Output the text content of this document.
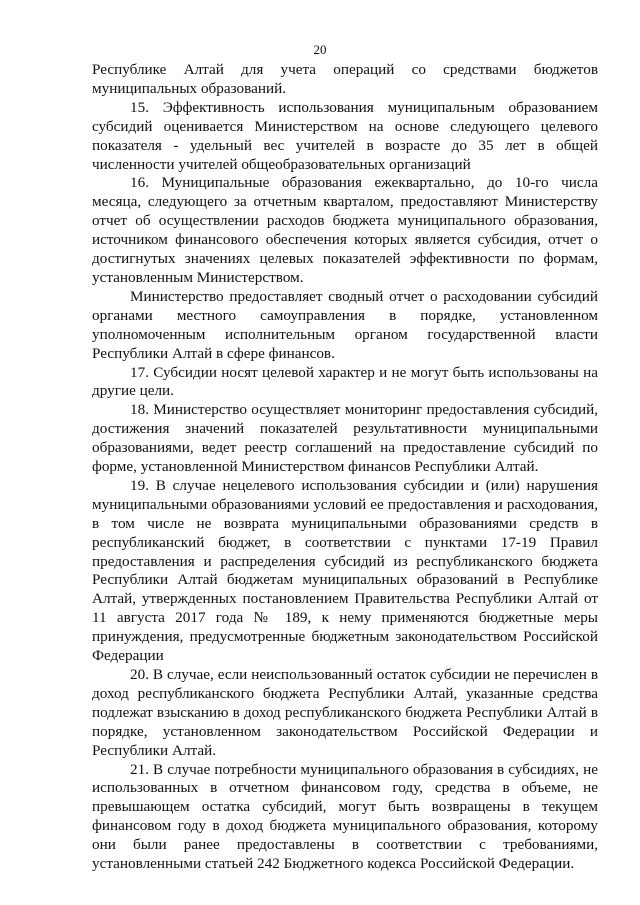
20

Республике Алтай для учета операций со средствами бюджетов муниципальных образований.

15. Эффективность использования муниципальным образованием субсидий оценивается Министерством на основе следующего целевого показателя - удельный вес учителей в возрасте до 35 лет в общей численности учителей общеобразовательных организаций

16. Муниципальные образования ежеквартально, до 10-го числа месяца, следующего за отчетным кварталом, предоставляют Министерству отчет об осуществлении расходов бюджета муниципального образования, источником финансового обеспечения которых является субсидия, отчет о достигнутых значениях целевых показателей эффективности по формам, установленным Министерством.

Министерство предоставляет сводный отчет о расходовании субсидий органами местного самоуправления в порядке, установленном уполномоченным исполнительным органом государственной власти Республики Алтай в сфере финансов.

17. Субсидии носят целевой характер и не могут быть использованы на другие цели.

18. Министерство осуществляет мониторинг предоставления субсидий, достижения значений показателей результативности муниципальными образованиями, ведет реестр соглашений на предоставление субсидий по форме, установленной Министерством финансов Республики Алтай.

19. В случае нецелевого использования субсидии и (или) нарушения муниципальными образованиями условий ее предоставления и расходования, в том числе не возврата муниципальными образованиями средств в республиканский бюджет, в соответствии с пунктами 17-19 Правил предоставления и распределения субсидий из республиканского бюджета Республики Алтай бюджетам муниципальных образований в Республике Алтай, утвержденных постановлением Правительства Республики Алтай от 11 августа 2017 года № 189, к нему применяются бюджетные меры принуждения, предусмотренные бюджетным законодательством Российской Федерации

20. В случае, если неиспользованный остаток субсидии не перечислен в доход республиканского бюджета Республики Алтай, указанные средства подлежат взысканию в доход республиканского бюджета Республики Алтай в порядке, установленном законодательством Российской Федерации и Республики Алтай.

21. В случае потребности муниципального образования в субсидиях, не использованных в отчетном финансовом году, средства в объеме, не превышающем остатка субсидий, могут быть возвращены в текущем финансовом году в доход бюджета муниципального образования, которому они были ранее предоставлены в соответствии с требованиями, установленными статьей 242 Бюджетного кодекса Российской Федерации.
